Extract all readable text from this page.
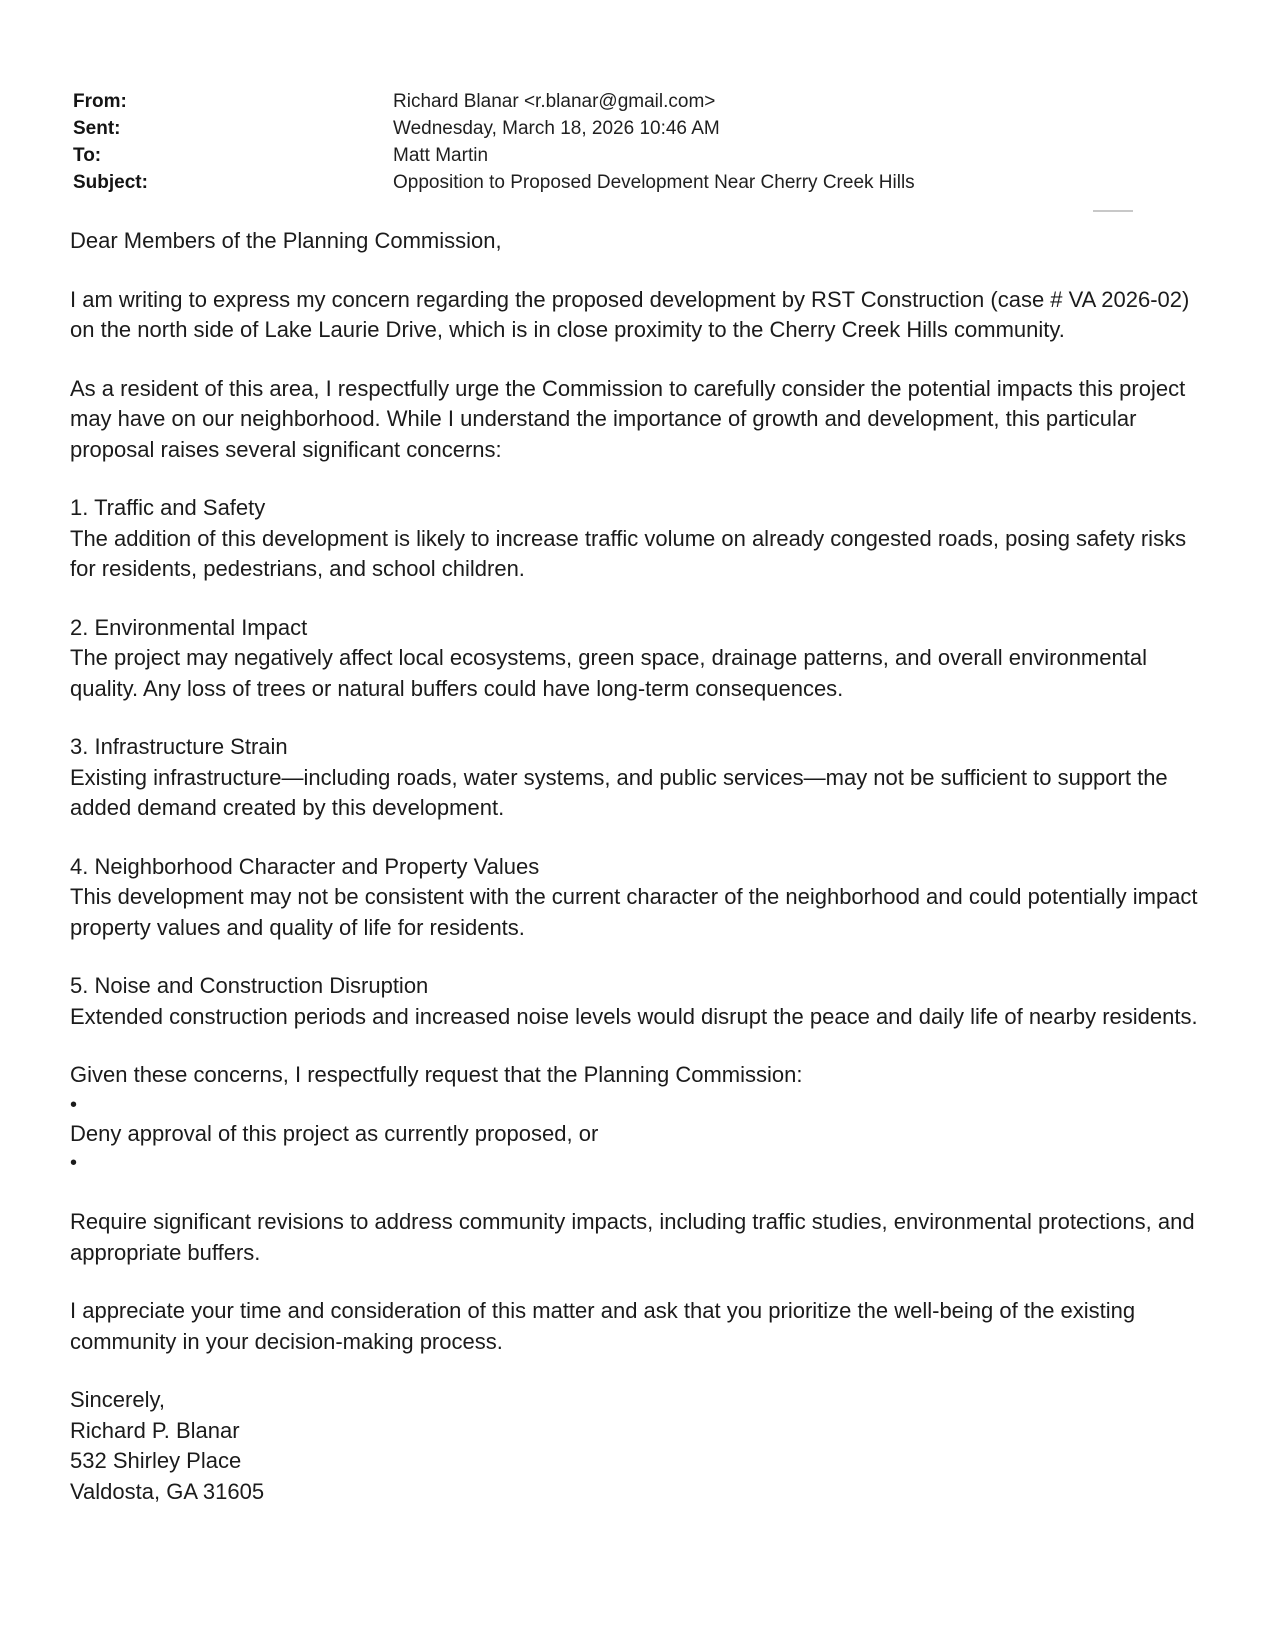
From:	Richard Blanar <r.blanar@gmail.com>
Sent:	Wednesday, March 18, 2026 10:46 AM
To:	Matt Martin
Subject:	Opposition to Proposed Development Near Cherry Creek Hills

Dear Members of the Planning Commission,

I am writing to express my concern regarding the proposed development by RST Construction (case # VA 2026-02) on the north side of Lake Laurie Drive, which is in close proximity to the Cherry Creek Hills community.

As a resident of this area, I respectfully urge the Commission to carefully consider the potential impacts this project may have on our neighborhood. While I understand the importance of growth and development, this particular proposal raises several significant concerns:

1. Traffic and Safety
The addition of this development is likely to increase traffic volume on already congested roads, posing safety risks for residents, pedestrians, and school children.

2. Environmental Impact
The project may negatively affect local ecosystems, green space, drainage patterns, and overall environmental quality. Any loss of trees or natural buffers could have long-term consequences.

3. Infrastructure Strain
Existing infrastructure—including roads, water systems, and public services—may not be sufficient to support the added demand created by this development.

4. Neighborhood Character and Property Values
This development may not be consistent with the current character of the neighborhood and could potentially impact property values and quality of life for residents.

5. Noise and Construction Disruption
Extended construction periods and increased noise levels would disrupt the peace and daily life of nearby residents.

Given these concerns, I respectfully request that the Planning Commission:

•
Deny approval of this project as currently proposed, or
•
Require significant revisions to address community impacts, including traffic studies, environmental protections, and appropriate buffers.

I appreciate your time and consideration of this matter and ask that you prioritize the well-being of the existing community in your decision-making process.

Sincerely,
Richard P. Blanar
532 Shirley Place
Valdosta, GA 31605
